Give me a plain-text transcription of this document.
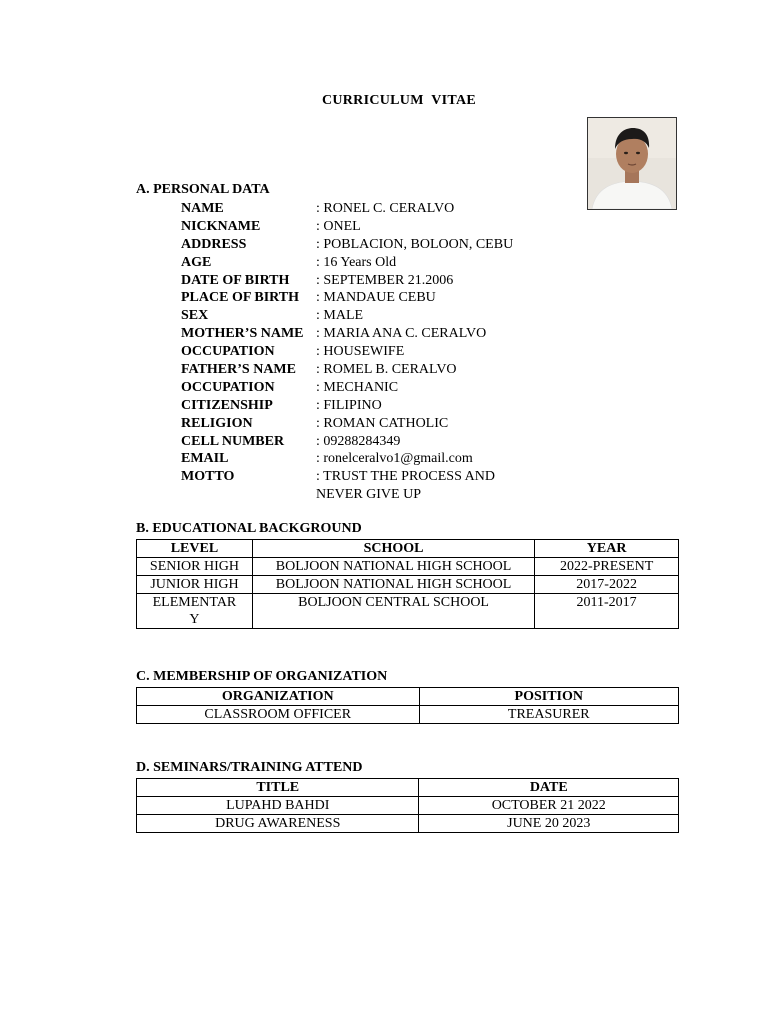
CURRICULUM VITAE
A. PERSONAL DATA
NAME	: RONEL C. CERALVO
NICKNAME	: ONEL
ADDRESS	: POBLACION, BOLOON, CEBU
AGE	: 16 Years Old
DATE OF BIRTH : SEPTEMBER 21.2006
PLACE OF BIRTH : MANDAUE CEBU
SEX	: MALE
MOTHER’S NAME : MARIA ANA C. CERALVO
OCCUPATION	: HOUSEWIFE
FATHER’S NAME : ROMEL B. CERALVO
OCCUPATION	: MECHANIC
CITIZENSHIP	: FILIPINO
RELIGION	: ROMAN CATHOLIC
CELL NUMBER : 09288284349
EMAIL	: ronelceralvo1@gmail.com
MOTTO	: TRUST THE PROCESS AND
NEVER GIVE UP
B. EDUCATIONAL BACKGROUND
LEVEL	SCHOOL	YEAR
SENIOR HIGH	BOLJOON NATIONAL HIGH SCHOOL	2022-PRESENT
JUNIOR HIGH	BOLJOON NATIONAL HIGH SCHOOL	2017-2022
ELEMENTAR
Y	BOLJOON CENTRAL SCHOOL	2011-2017
C. MEMBERSHIP OF ORGANIZATION
ORGANIZATION	POSITION
CLASSROOM OFFICER	TREASURER
D. SEMINARS/TRAINING ATTEND
TITLE	DATE
LUPAHD BAHDI	OCTOBER 21 2022
DRUG AWARENESS	JUNE 20 2023
